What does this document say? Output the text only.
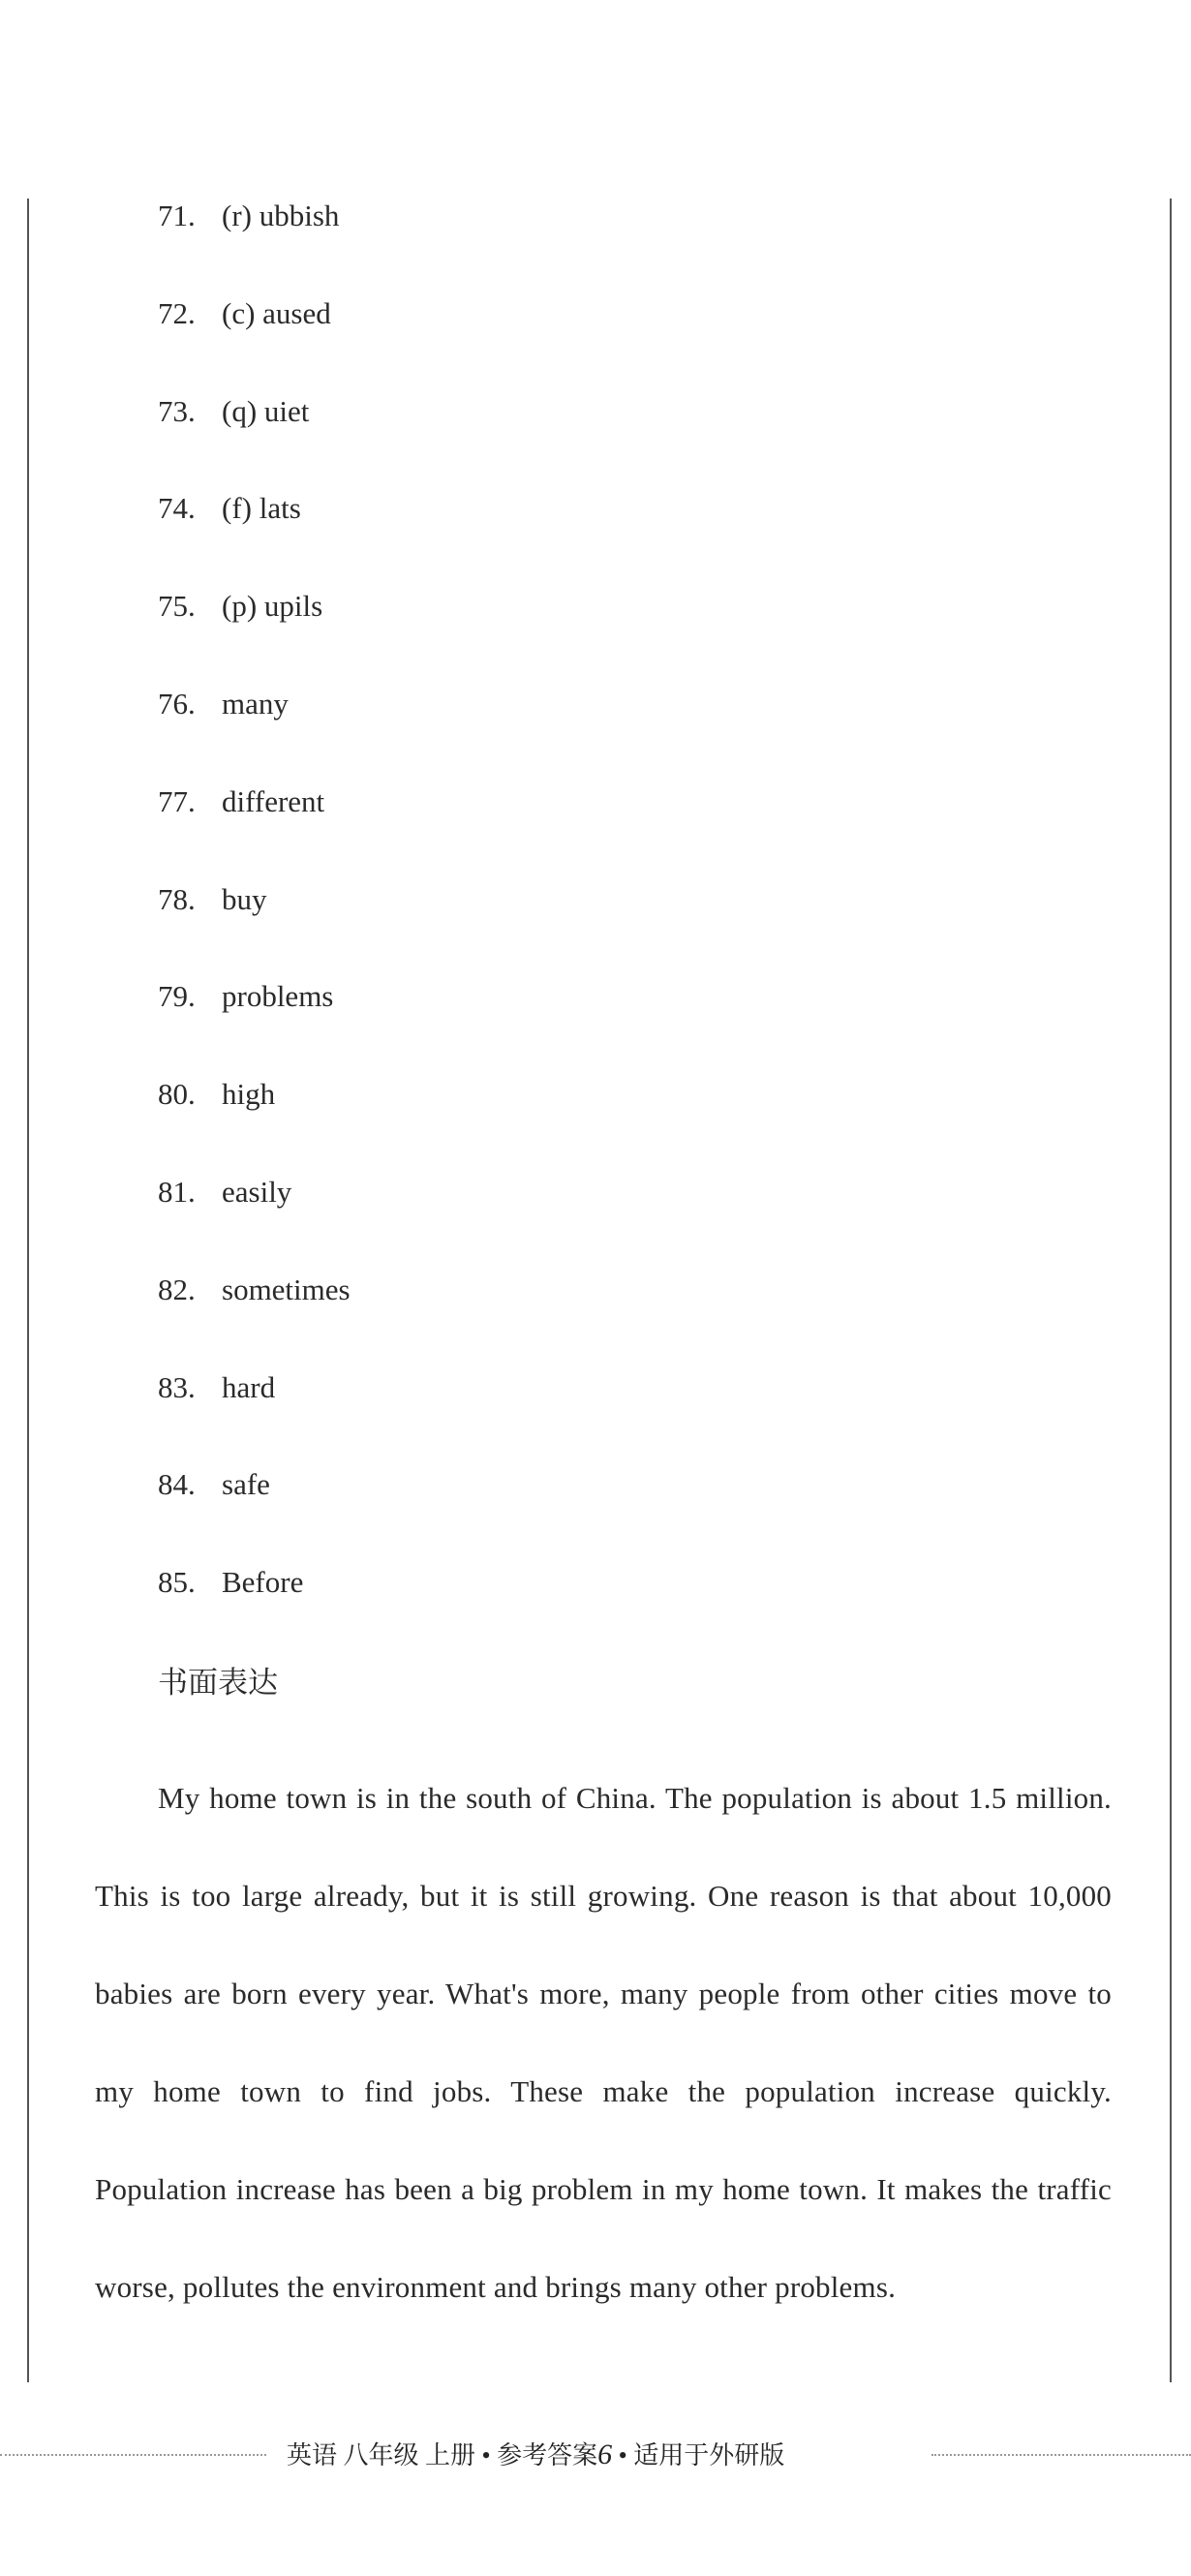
71. (r) ubbish
72. (c) aused
73. (q) uiet
74. (f) lats
75. (p) upils
76. many
77. different
78. buy
79. problems
80. high
81. easily
82. sometimes
83. hard
84. safe
85. Before
书面表达

My home town is in the south of China. The population is about 1.5 million. This is too large already, but it is still growing. One reason is that about 10,000 babies are born every year. What's more, many people from other cities move to my home town to find jobs. These make the population increase quickly. Population increase has been a big problem in my home town. It makes the traffic worse, pollutes the environment and brings many other problems.

英语 八年级 上册 • 参考答案6 • 适用于外研版
